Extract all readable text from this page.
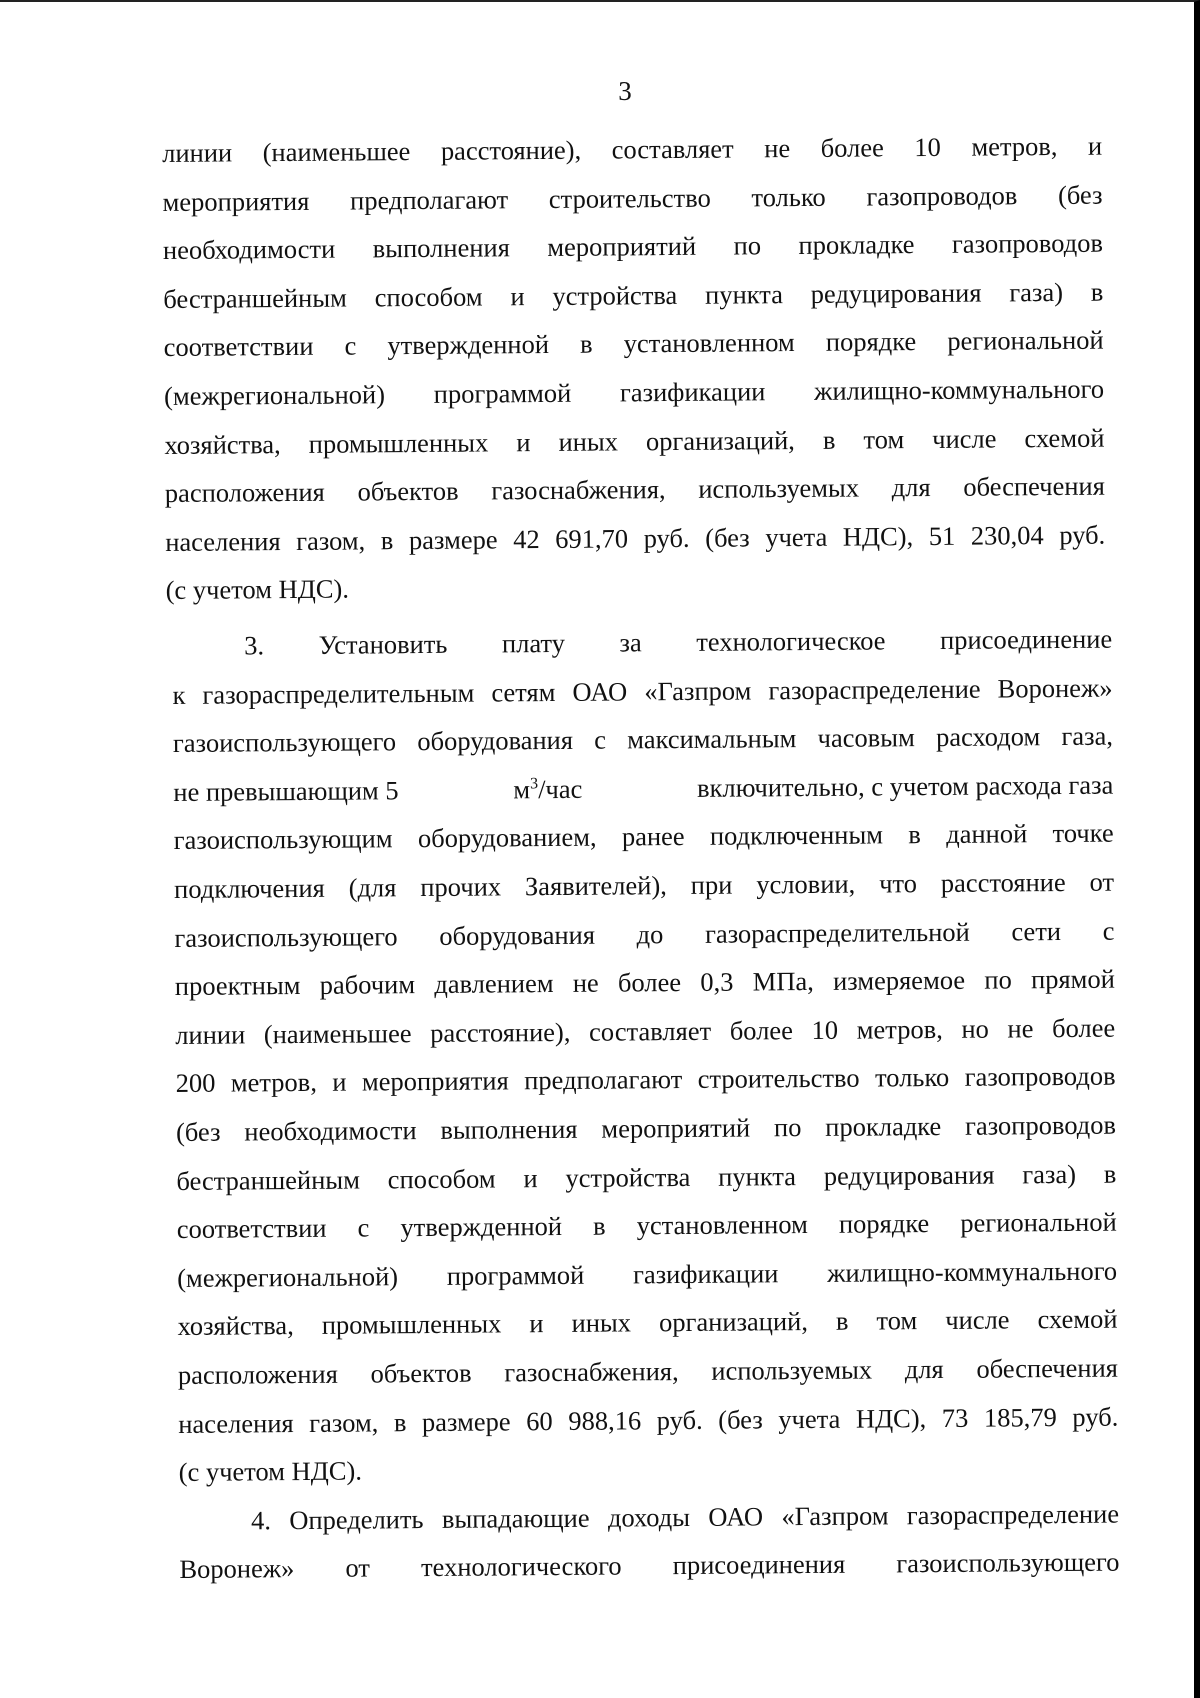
3
линии (наименьшее расстояние), составляет не более 10 метров, и
мероприятия предполагают строительство только газопроводов (без
необходимости выполнения мероприятий по прокладке газопроводов
бестраншейным способом и устройства пункта редуцирования газа) в
соответствии с утвержденной в установленном порядке региональной
(межрегиональной) программой газификации жилищно-коммунального
хозяйства, промышленных и иных организаций, в том числе схемой
расположения объектов газоснабжения, используемых для обеспечения
населения газом, в размере 42 691,70 руб. (без учета НДС), 51 230,04 руб.
(с учетом НДС).
3. Установить плату за технологическое присоединение
к газораспределительным сетям ОАО «Газпром газораспределение Воронеж»
газоиспользующего оборудования с максимальным часовым расходом газа,
не превышающим 5	$м^3$/час	включительно, с учетом расхода газа
газоиспользующим оборудованием, ранее подключенным в данной точке
подключения (для прочих Заявителей), при условии, что расстояние от
газоиспользующего оборудования до газораспределительной сети с
проектным рабочим давлением не более 0,3 МПа, измеряемое по прямой
линии (наименьшее расстояние), составляет более 10 метров, но не более
200 метров, и мероприятия предполагают строительство только газопроводов
(без необходимости выполнения мероприятий по прокладке газопроводов
бестраншейным способом и устройства пункта редуцирования газа) в
соответствии с утвержденной в установленном порядке региональной
(межрегиональной) программой газификации жилищно-коммунального
хозяйства, промышленных и иных организаций, в том числе схемой
расположения объектов газоснабжения, используемых для обеспечения
населения газом, в размере 60 988,16 руб. (без учета НДС), 73 185,79 руб.
(с учетом НДС).
4. Определить выпадающие доходы ОАО «Газпром газораспределение
Воронеж» от технологического присоединения газоиспользующего
